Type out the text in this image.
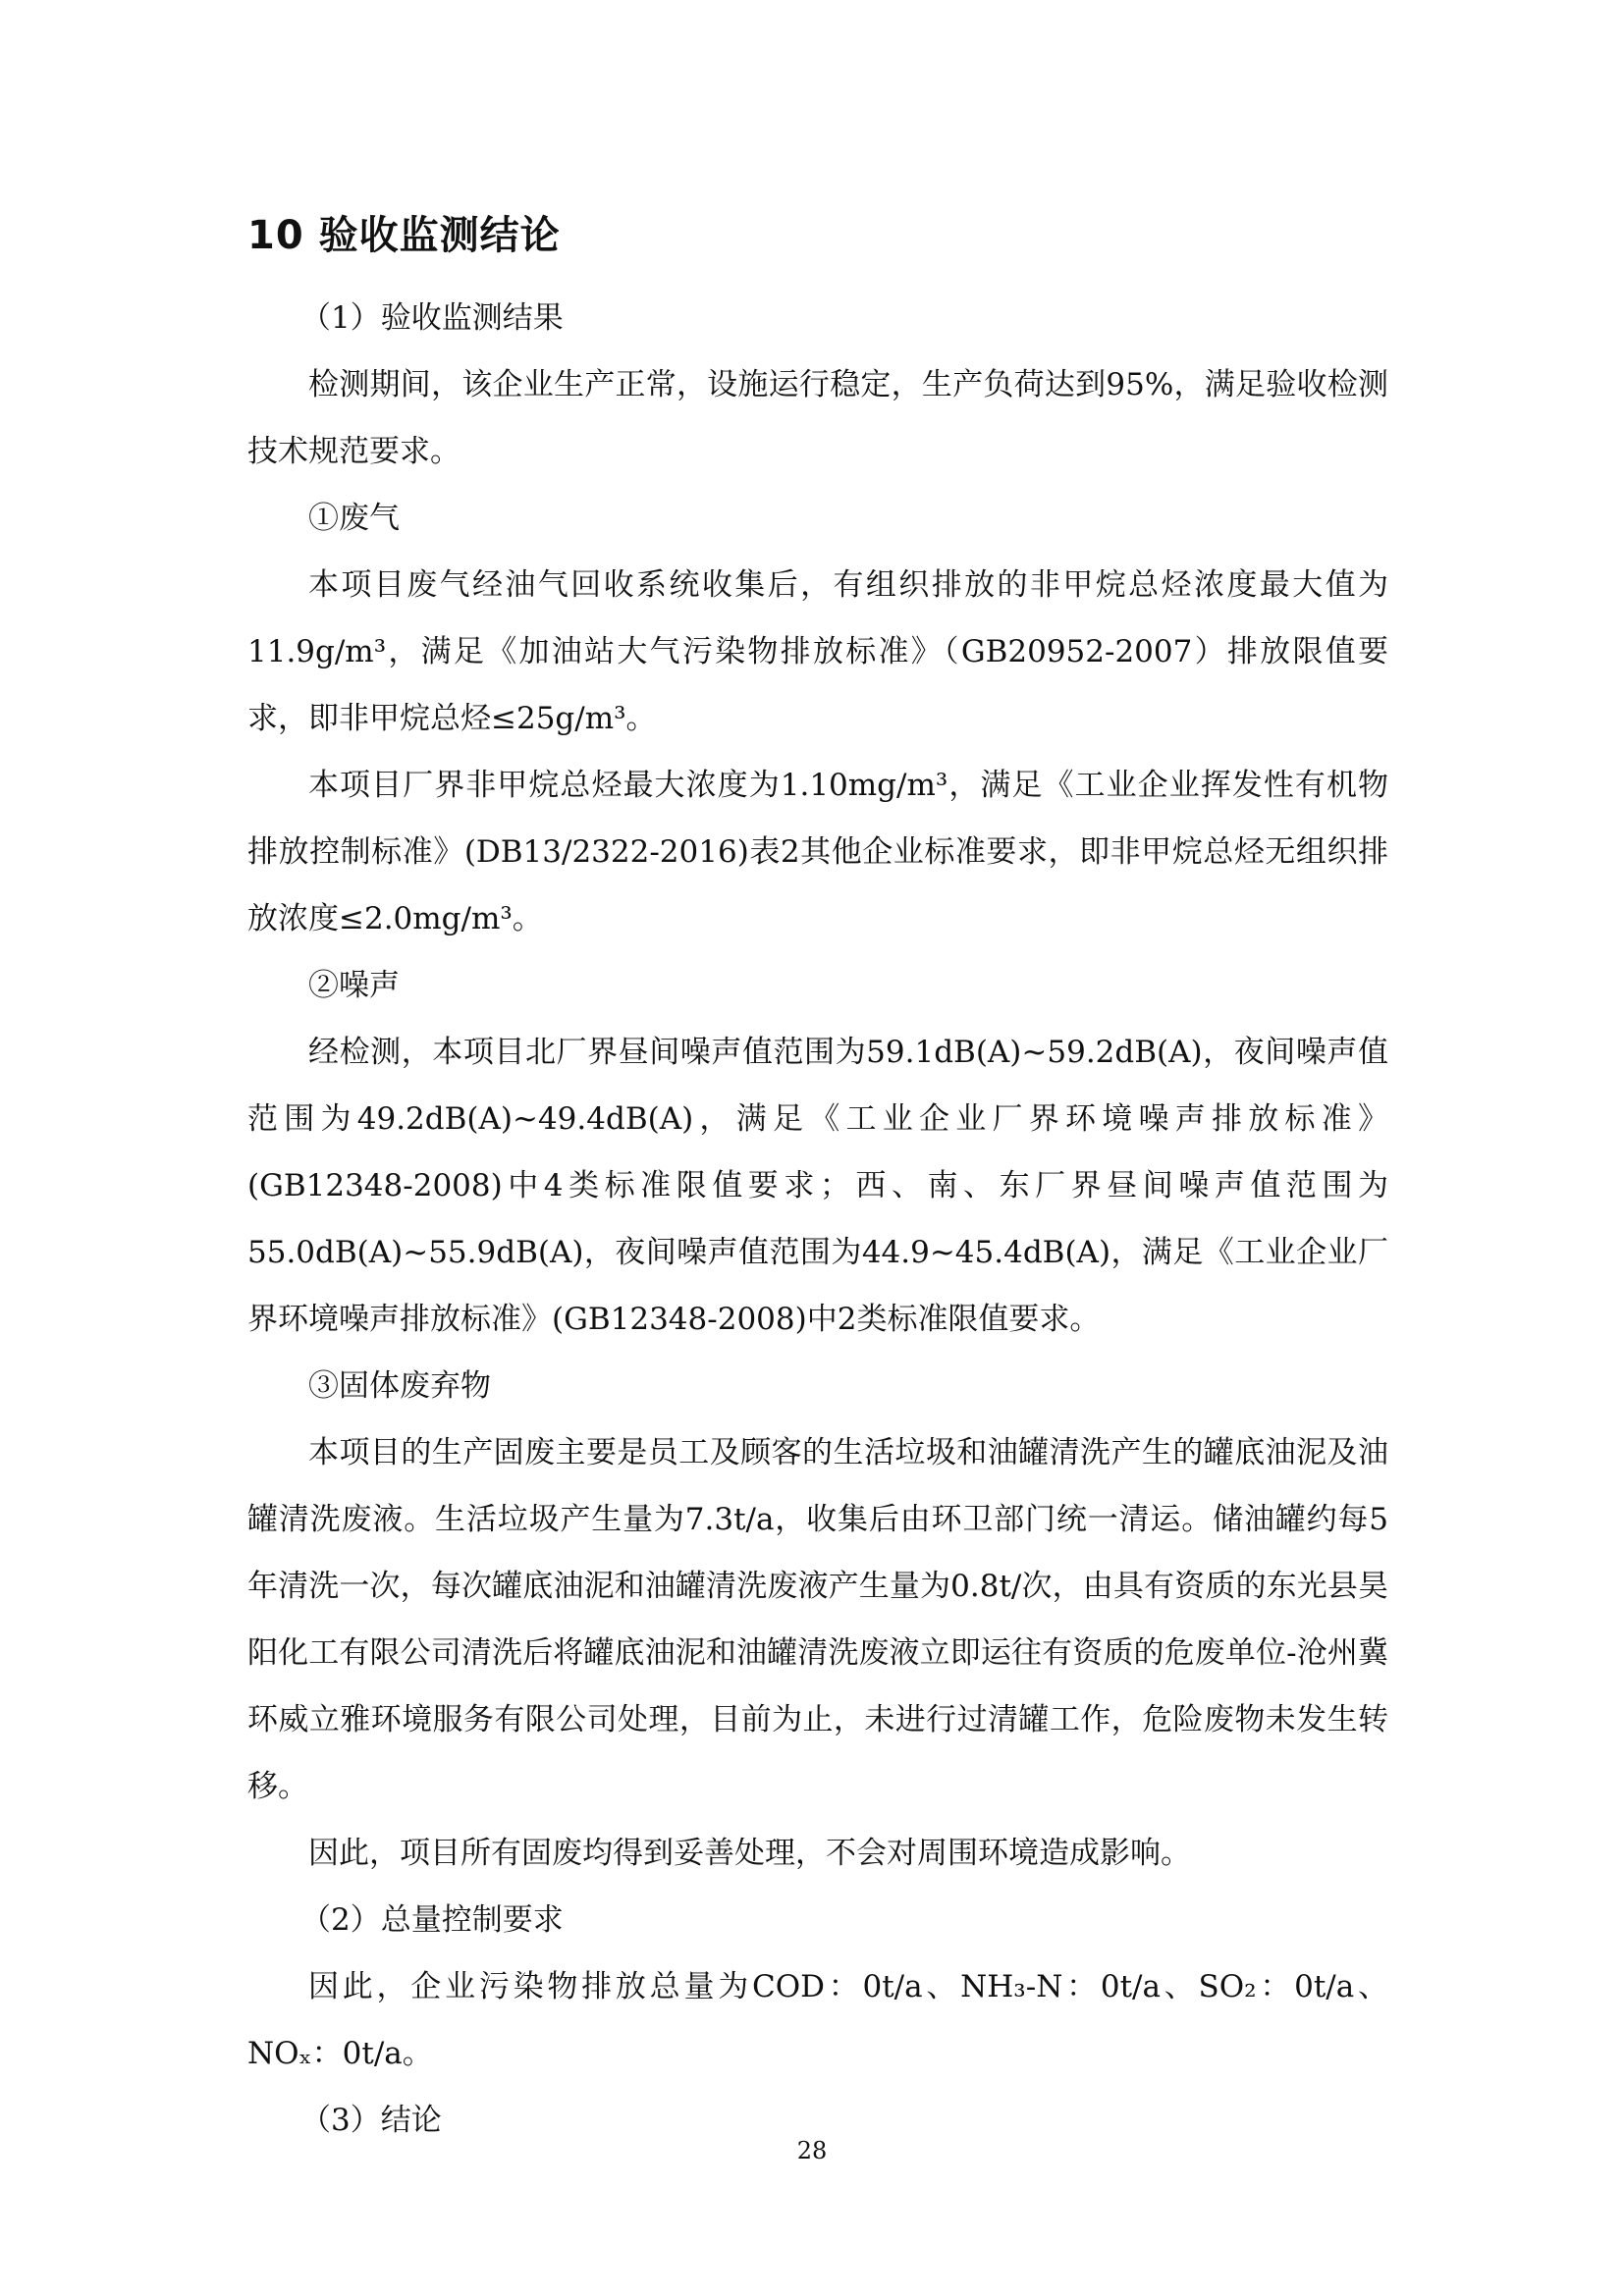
10 验收监测结论

（1）验收监测结果

检测期间，该企业生产正常，设施运行稳定，生产负荷达到95%，满足验收检测技术规范要求。

①废气

本项目废气经油气回收系统收集后，有组织排放的非甲烷总烃浓度最大值为11.9g/m³，满足《加油站大气污染物排放标准》（GB20952-2007）排放限值要求，即非甲烷总烃≤25g/m³。

本项目厂界非甲烷总烃最大浓度为1.10mg/m³，满足《工业企业挥发性有机物排放控制标准》(DB13/2322-2016)表2其他企业标准要求，即非甲烷总烃无组织排放浓度≤2.0mg/m³。

②噪声

经检测，本项目北厂界昼间噪声值范围为59.1dB(A)~59.2dB(A)，夜间噪声值范围为49.2dB(A)~49.4dB(A)，满足《工业企业厂界环境噪声排放标准》(GB12348-2008)中4类标准限值要求；西、南、东厂界昼间噪声值范围为55.0dB(A)~55.9dB(A)，夜间噪声值范围为44.9~45.4dB(A)，满足《工业企业厂界环境噪声排放标准》(GB12348-2008)中2类标准限值要求。

③固体废弃物

本项目的生产固废主要是员工及顾客的生活垃圾和油罐清洗产生的罐底油泥及油罐清洗废液。生活垃圾产生量为7.3t/a，收集后由环卫部门统一清运。储油罐约每5年清洗一次，每次罐底油泥和油罐清洗废液产生量为0.8t/次，由具有资质的东光县昊阳化工有限公司清洗后将罐底油泥和油罐清洗废液立即运往有资质的危废单位-沧州冀环威立雅环境服务有限公司处理，目前为止，未进行过清罐工作，危险废物未发生转移。

因此，项目所有固废均得到妥善处理，不会对周围环境造成影响。

（2）总量控制要求

因此，企业污染物排放总量为COD：0t/a、NH₃-N：0t/a、SO₂：0t/a、NOₓ：0t/a。

（3）结论

28
